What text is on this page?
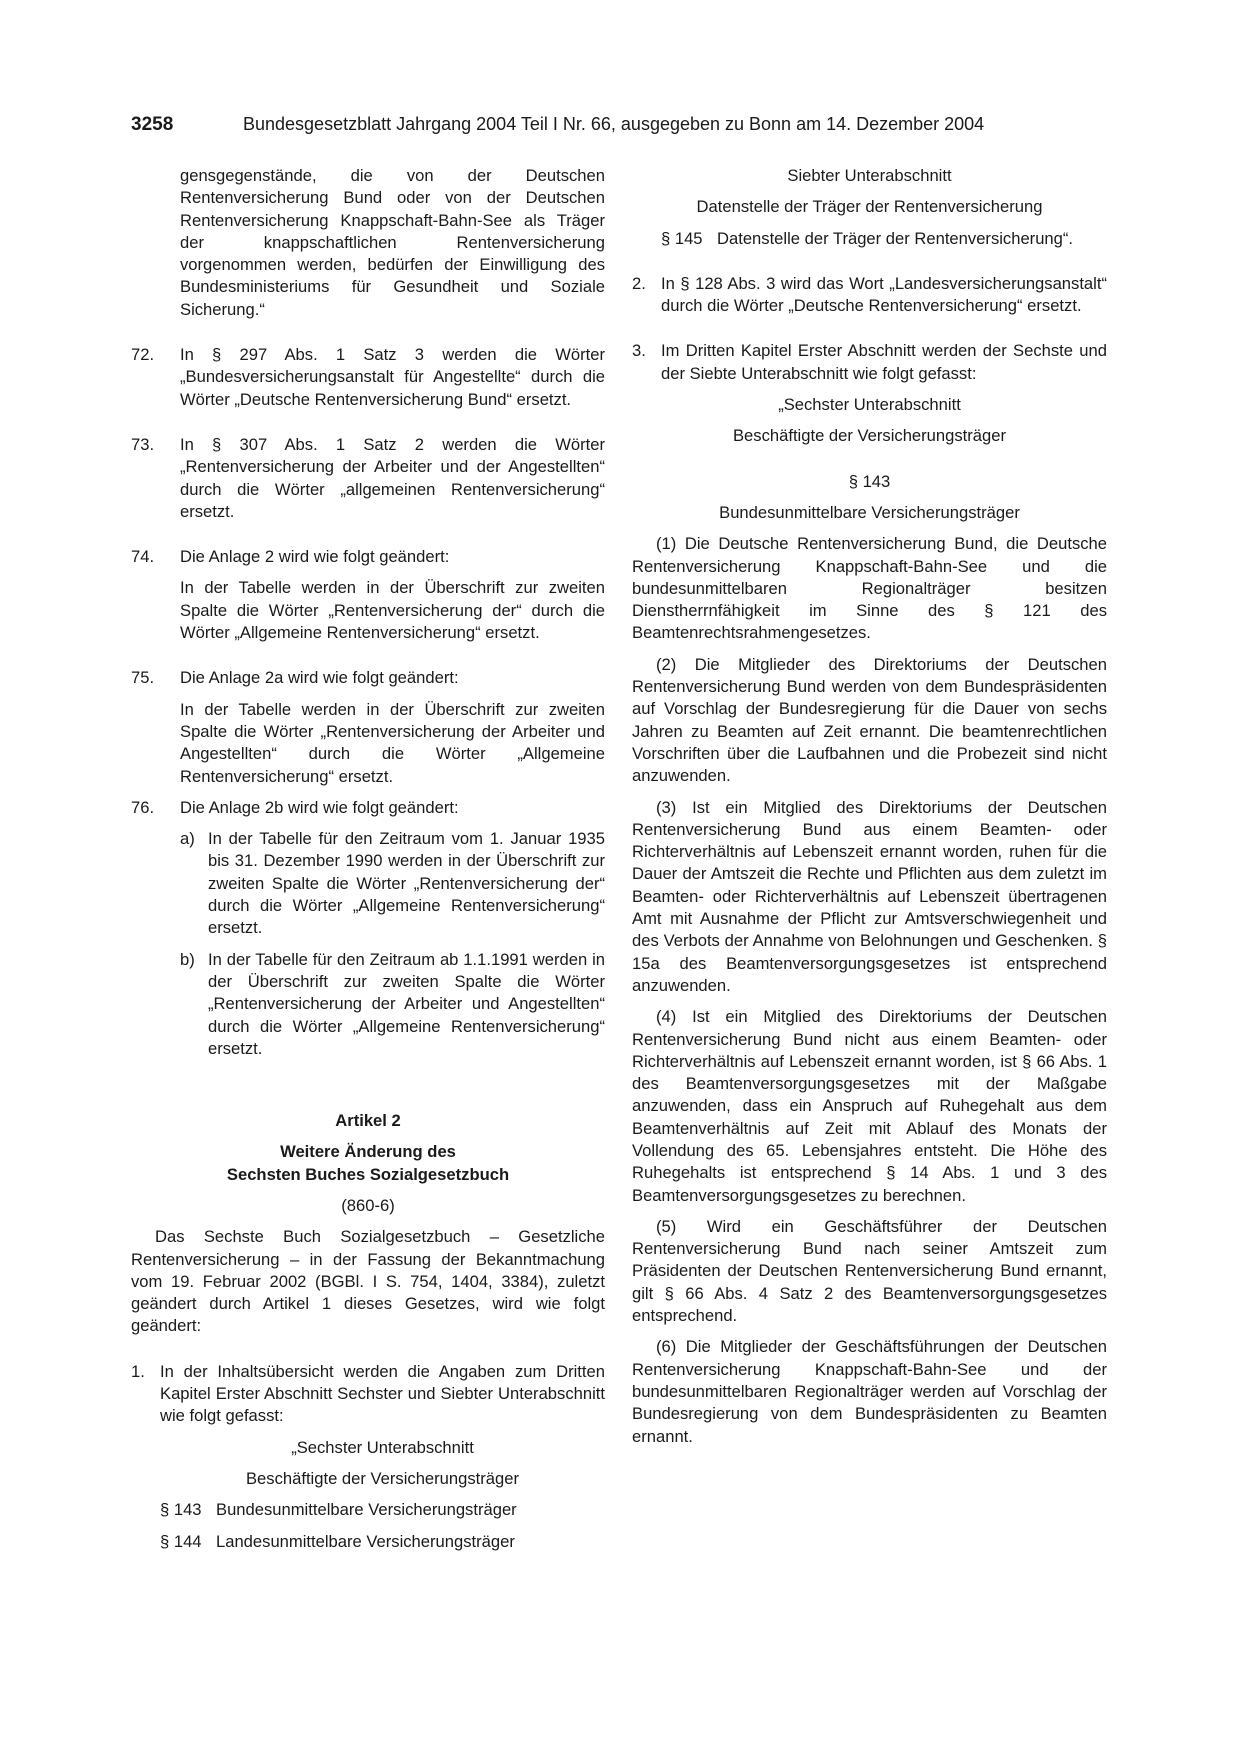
3258	Bundesgesetzblatt Jahrgang 2004 Teil I Nr. 66, ausgegeben zu Bonn am 14. Dezember 2004

gensgegenstände, die von der Deutschen Rentenversicherung Bund oder von der Deutschen Rentenversicherung Knappschaft-Bahn-See als Träger der knappschaftlichen Rentenversicherung vorgenommen werden, bedürfen der Einwilligung des Bundesministeriums für Gesundheit und Soziale Sicherung.“

72. In § 297 Abs. 1 Satz 3 werden die Wörter „Bundesversicherungsanstalt für Angestellte“ durch die Wörter „Deutsche Rentenversicherung Bund“ ersetzt.

73. In § 307 Abs. 1 Satz 2 werden die Wörter „Rentenversicherung der Arbeiter und der Angestellten“ durch die Wörter „allgemeinen Rentenversicherung“ ersetzt.

74. Die Anlage 2 wird wie folgt geändert:

In der Tabelle werden in der Überschrift zur zweiten Spalte die Wörter „Rentenversicherung der“ durch die Wörter „Allgemeine Rentenversicherung“ ersetzt.

75. Die Anlage 2a wird wie folgt geändert:

In der Tabelle werden in der Überschrift zur zweiten Spalte die Wörter „Rentenversicherung der Arbeiter und Angestellten“ durch die Wörter „Allgemeine Rentenversicherung“ ersetzt.

76. Die Anlage 2b wird wie folgt geändert:

a) In der Tabelle für den Zeitraum vom 1. Januar 1935 bis 31. Dezember 1990 werden in der Überschrift zur zweiten Spalte die Wörter „Rentenversicherung der“ durch die Wörter „Allgemeine Rentenversicherung“ ersetzt.

b) In der Tabelle für den Zeitraum ab 1.1.1991 werden in der Überschrift zur zweiten Spalte die Wörter „Rentenversicherung der Arbeiter und Angestellten“ durch die Wörter „Allgemeine Rentenversicherung“ ersetzt.

Artikel 2

Weitere Änderung des

Sechsten Buches Sozialgesetzbuch

(860-6)

Das Sechste Buch Sozialgesetzbuch – Gesetzliche Rentenversicherung – in der Fassung der Bekanntmachung vom 19. Februar 2002 (BGBl. I S. 754, 1404, 3384), zuletzt geändert durch Artikel 1 dieses Gesetzes, wird wie folgt geändert:

1. In der Inhaltsübersicht werden die Angaben zum Dritten Kapitel Erster Abschnitt Sechster und Siebter Unterabschnitt wie folgt gefasst:

„Sechster Unterabschnitt

Beschäftigte der Versicherungsträger

§ 143 Bundesunmittelbare Versicherungsträger
§ 144 Landesunmittelbare Versicherungsträger

Siebter Unterabschnitt

Datenstelle der Träger der Rentenversicherung

§ 145 Datenstelle der Träger der Rentenversicherung“.

2. In § 128 Abs. 3 wird das Wort „Landesversicherungsanstalt“ durch die Wörter „Deutsche Rentenversicherung“ ersetzt.

3. Im Dritten Kapitel Erster Abschnitt werden der Sechste und der Siebte Unterabschnitt wie folgt gefasst:

„Sechster Unterabschnitt

Beschäftigte der Versicherungsträger

§ 143

Bundesunmittelbare Versicherungsträger

(1) Die Deutsche Rentenversicherung Bund, die Deutsche Rentenversicherung Knappschaft-Bahn-See und die bundesunmittelbaren Regionalträger besitzen Dienstherrnfähigkeit im Sinne des § 121 des Beamtenrechtsrahmengesetzes.

(2) Die Mitglieder des Direktoriums der Deutschen Rentenversicherung Bund werden von dem Bundespräsidenten auf Vorschlag der Bundesregierung für die Dauer von sechs Jahren zu Beamten auf Zeit ernannt. Die beamtenrechtlichen Vorschriften über die Laufbahnen und die Probezeit sind nicht anzuwenden.

(3) Ist ein Mitglied des Direktoriums der Deutschen Rentenversicherung Bund aus einem Beamten- oder Richterverhältnis auf Lebenszeit ernannt worden, ruhen für die Dauer der Amtszeit die Rechte und Pflichten aus dem zuletzt im Beamten- oder Richterverhältnis auf Lebenszeit übertragenen Amt mit Ausnahme der Pflicht zur Amtsverschwiegenheit und des Verbots der Annahme von Belohnungen und Geschenken. § 15a des Beamtenversorgungsgesetzes ist entsprechend anzuwenden.

(4) Ist ein Mitglied des Direktoriums der Deutschen Rentenversicherung Bund nicht aus einem Beamten- oder Richterverhältnis auf Lebenszeit ernannt worden, ist § 66 Abs. 1 des Beamtenversorgungsgesetzes mit der Maßgabe anzuwenden, dass ein Anspruch auf Ruhegehalt aus dem Beamtenverhältnis auf Zeit mit Ablauf des Monats der Vollendung des 65. Lebensjahres entsteht. Die Höhe des Ruhegehalts ist entsprechend § 14 Abs. 1 und 3 des Beamtenversorgungsgesetzes zu berechnen.

(5) Wird ein Geschäftsführer der Deutschen Rentenversicherung Bund nach seiner Amtszeit zum Präsidenten der Deutschen Rentenversicherung Bund ernannt, gilt § 66 Abs. 4 Satz 2 des Beamtenversorgungsgesetzes entsprechend.

(6) Die Mitglieder der Geschäftsführungen der Deutschen Rentenversicherung Knappschaft-Bahn-See und der bundesunmittelbaren Regionalträger werden auf Vorschlag der Bundesregierung von dem Bundespräsidenten zu Beamten ernannt.
